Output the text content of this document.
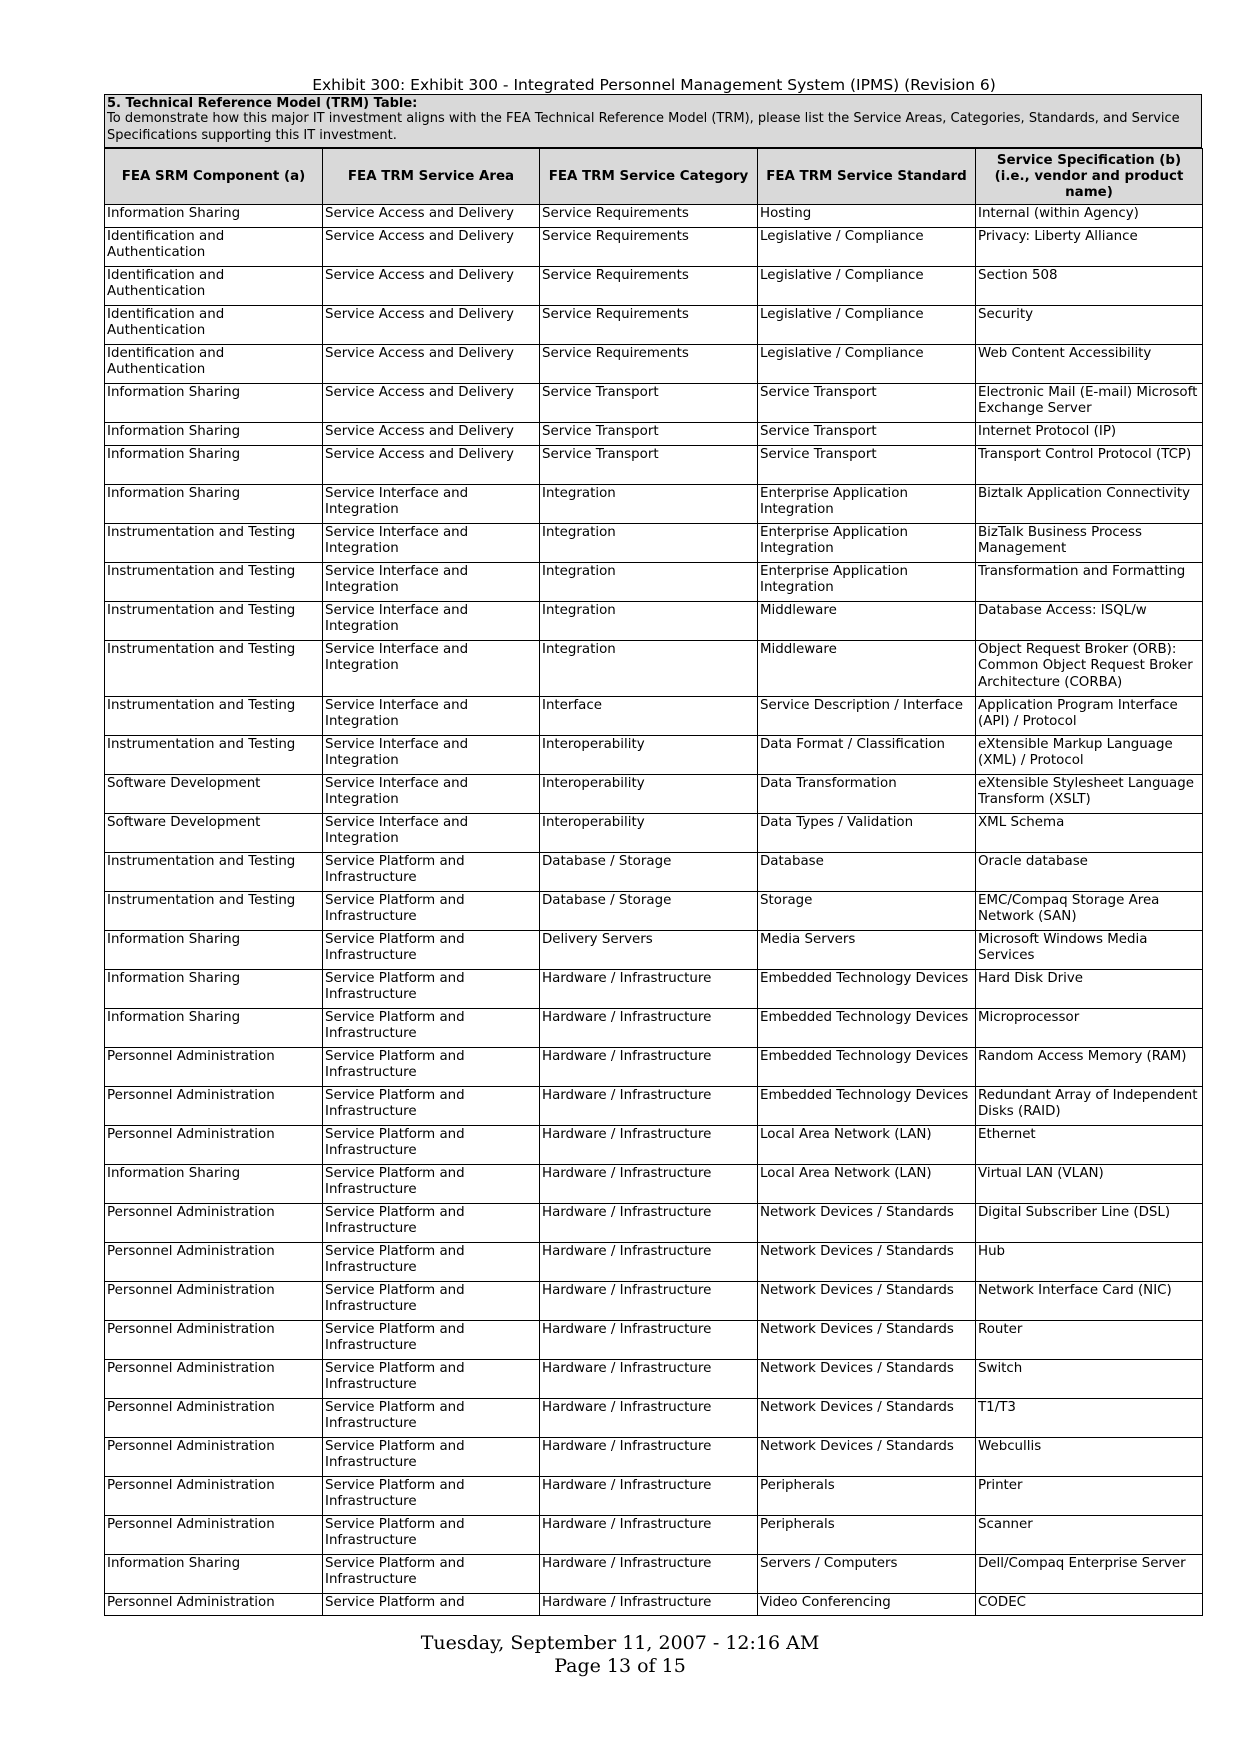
Exhibit 300: Exhibit 300 - Integrated Personnel Management System (IPMS) (Revision 6)
5. Technical Reference Model (TRM) Table:
To demonstrate how this major IT investment aligns with the FEA Technical Reference Model (TRM), please list the Service Areas, Categories, Standards, and Service Specifications supporting this IT investment.
FEA SRM Component (a)	FEA TRM Service Area	FEA TRM Service Category	FEA TRM Service Standard	Service Specification (b) (i.e., vendor and product name)
Information Sharing	Service Access and Delivery	Service Requirements	Hosting	Internal (within Agency)
Identification and Authentication	Service Access and Delivery	Service Requirements	Legislative / Compliance	Privacy: Liberty Alliance
Identification and Authentication	Service Access and Delivery	Service Requirements	Legislative / Compliance	Section 508
Identification and Authentication	Service Access and Delivery	Service Requirements	Legislative / Compliance	Security
Identification and Authentication	Service Access and Delivery	Service Requirements	Legislative / Compliance	Web Content Accessibility
Information Sharing	Service Access and Delivery	Service Transport	Service Transport	Electronic Mail (E-mail) Microsoft Exchange Server
Information Sharing	Service Access and Delivery	Service Transport	Service Transport	Internet Protocol (IP)
Information Sharing	Service Access and Delivery	Service Transport	Service Transport	Transport Control Protocol (TCP)
Information Sharing	Service Interface and Integration	Integration	Enterprise Application Integration	Biztalk Application Connectivity
Instrumentation and Testing	Service Interface and Integration	Integration	Enterprise Application Integration	BizTalk Business Process Management
Instrumentation and Testing	Service Interface and Integration	Integration	Enterprise Application Integration	Transformation and Formatting
Instrumentation and Testing	Service Interface and Integration	Integration	Middleware	Database Access: ISQL/w
Instrumentation and Testing	Service Interface and Integration	Integration	Middleware	Object Request Broker (ORB): Common Object Request Broker Architecture (CORBA)
Instrumentation and Testing	Service Interface and Integration	Interface	Service Description / Interface	Application Program Interface (API) / Protocol
Instrumentation and Testing	Service Interface and Integration	Interoperability	Data Format / Classification	eXtensible Markup Language (XML) / Protocol
Software Development	Service Interface and Integration	Interoperability	Data Transformation	eXtensible Stylesheet Language Transform (XSLT)
Software Development	Service Interface and Integration	Interoperability	Data Types / Validation	XML Schema
Instrumentation and Testing	Service Platform and Infrastructure	Database / Storage	Database	Oracle database
Instrumentation and Testing	Service Platform and Infrastructure	Database / Storage	Storage	EMC/Compaq Storage Area Network (SAN)
Information Sharing	Service Platform and Infrastructure	Delivery Servers	Media Servers	Microsoft Windows Media Services
Information Sharing	Service Platform and Infrastructure	Hardware / Infrastructure	Embedded Technology Devices	Hard Disk Drive
Information Sharing	Service Platform and Infrastructure	Hardware / Infrastructure	Embedded Technology Devices	Microprocessor
Personnel Administration	Service Platform and Infrastructure	Hardware / Infrastructure	Embedded Technology Devices	Random Access Memory (RAM)
Personnel Administration	Service Platform and Infrastructure	Hardware / Infrastructure	Embedded Technology Devices	Redundant Array of Independent Disks (RAID)
Personnel Administration	Service Platform and Infrastructure	Hardware / Infrastructure	Local Area Network (LAN)	Ethernet
Information Sharing	Service Platform and Infrastructure	Hardware / Infrastructure	Local Area Network (LAN)	Virtual LAN (VLAN)
Personnel Administration	Service Platform and Infrastructure	Hardware / Infrastructure	Network Devices / Standards	Digital Subscriber Line (DSL)
Personnel Administration	Service Platform and Infrastructure	Hardware / Infrastructure	Network Devices / Standards	Hub
Personnel Administration	Service Platform and Infrastructure	Hardware / Infrastructure	Network Devices / Standards	Network Interface Card (NIC)
Personnel Administration	Service Platform and Infrastructure	Hardware / Infrastructure	Network Devices / Standards	Router
Personnel Administration	Service Platform and Infrastructure	Hardware / Infrastructure	Network Devices / Standards	Switch
Personnel Administration	Service Platform and Infrastructure	Hardware / Infrastructure	Network Devices / Standards	T1/T3
Personnel Administration	Service Platform and Infrastructure	Hardware / Infrastructure	Network Devices / Standards	Webcullis
Personnel Administration	Service Platform and Infrastructure	Hardware / Infrastructure	Peripherals	Printer
Personnel Administration	Service Platform and Infrastructure	Hardware / Infrastructure	Peripherals	Scanner
Information Sharing	Service Platform and Infrastructure	Hardware / Infrastructure	Servers / Computers	Dell/Compaq Enterprise Server
Personnel Administration	Service Platform and	Hardware / Infrastructure	Video Conferencing	CODEC
Tuesday, September 11, 2007 - 12:16 AM
Page 13 of 15
